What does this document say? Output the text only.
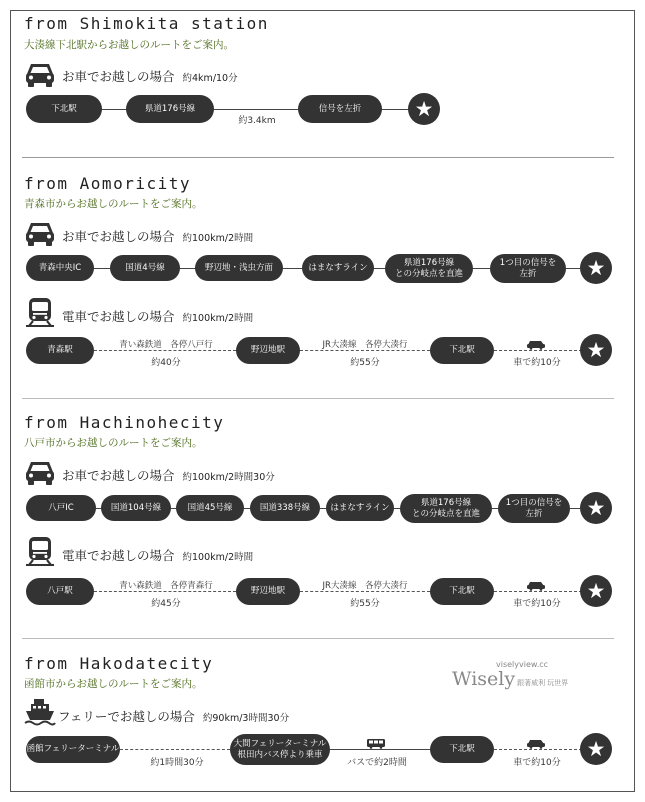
from Shimokita station
大湊線下北駅からお越しのルートをご案内。
お車でお越しの場合 約4km/10分
下北駅	県道176号線	信号を左折	★
約3.4km
from Aomoricity
青森市からお越しのルートをご案内。
お車でお越しの場合 約100km/2時間
青森中央IC	国道4号線	野辺地・浅虫方面	はまなすライン	県道176号線
との分岐点を直進
1つ目の信号を
左折	★
電車でお越しの場合 約100km/2時間
青森駅	野辺地駅	下北駅	★
青い森鉄道　各停八戸行
約40分
JR大湊線　各停大湊行
約55分	車で約10分
from Hachinohecity
八戸市からお越しのルートをご案内。
お車でお越しの場合 約100km/2時間30分
八戸IC	国道104号線	国道45号線	国道338号線	はまなすライン	県道176号線
との分岐点を直進
1つ目の信号を
左折	★
電車でお越しの場合 約100km/2時間
八戸駅	野辺地駅	下北駅	★
青い森鉄道　各停青森行
約45分
JR大湊線　各停大湊行
約55分	車で約10分
from Hakodatecity
函館市からお越しのルートをご案内。	Wisely 跟著威利 玩世界
viselyview.cc
フェリーでお越しの場合 約90km/3時間30分
函館フェリーターミナル
大間フェリーターミナル
根田内バス停より乗車
下北駅	★
約1時間30分	バスで約2時間	車で約10分
